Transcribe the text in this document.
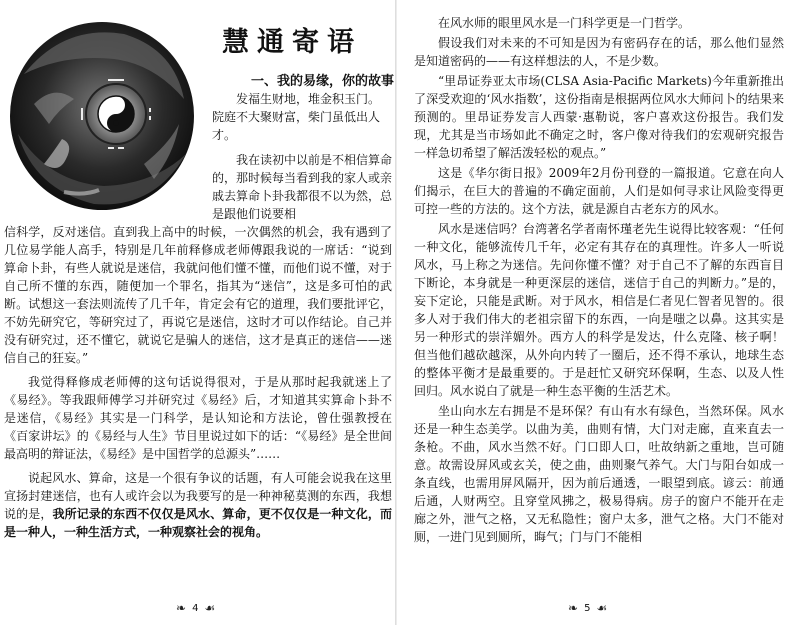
慧通寄语
一、我的易缘，你的故事
发福生财地，堆金积玉门。
院庭不大聚财富，柴门虽低出人才。
我在读初中以前是不相信算命的，那时候每当看到我的家人或亲戚去算命卜卦我都很不以为然，总是跟他们说要相

信科学，反对迷信。直到我上高中的时候，一次偶然的机会，我有遇到了几位易学能人高手，特别是几年前释修成老师傅跟我说的一席话：“说到算命卜卦，有些人就说是迷信，我就问他们懂不懂，而他们说不懂，对于自己所不懂的东西，随便加一个罪名，指其为“迷信”，这是多可怕的武断。试想这一套法则流传了几千年，肯定会有它的道理，我们要批评它，不妨先研究它，等研究过了，再说它是迷信，这时才可以作结论。自己并没有研究过，还不懂它，就说它是骗人的迷信，这才是真正的迷信——迷信自己的狂妄。”

我觉得释修成老师傅的这句话说得很对，于是从那时起我就迷上了《易经》。等我跟师傅学习并研究过《易经》后，才知道其实算命卜卦不是迷信，《易经》其实是一门科学，是认知论和方法论，曾仕强教授在《百家讲坛》的《易经与人生》节目里说过如下的话：“《易经》是全世间最高明的辩证法，《易经》是中国哲学的总源头”……

说起风水、算命，这是一个很有争议的话题，有人可能会说我在这里宣扬封建迷信，也有人或许会以为我要写的是一种神秘莫测的东西，我想说的是，我所记录的东西不仅仅是风水、算命，更不仅仅是一种文化，而是一种人，一种生活方式，一种观察社会的视角。

❧ 4 ☙

在风水师的眼里风水是一门科学更是一门哲学。

假设我们对未来的不可知是因为有密码存在的话，那么他们显然是知道密码的——有这样想法的人，不是少数。

“里昂证券亚太市场(CLSA Asia-Pacific Markets)今年重新推出了深受欢迎的‘风水指数’，这份指南是根据两位风水大师问卜的结果来预测的。里昂证券发言人西蒙·惠勒说，客户喜欢这份报告。我们发现，尤其是当市场如此不确定之时，客户像对待我们的宏观研究报告一样急切希望了解活泼轻松的观点。”

这是《华尔街日报》2009年2月份刊登的一篇报道。它意在向人们揭示，在巨大的普遍的不确定面前，人们是如何寻求让风险变得更可控一些的方法的。这个方法，就是源自古老东方的风水。

风水是迷信吗？台湾著名学者南怀瑾老先生说得比较客观：“任何一种文化，能够流传几千年，必定有其存在的真理性。许多人一听说风水，马上称之为迷信。先问你懂不懂？对于自己不了解的东西盲目下断论，本身就是一种更深层的迷信，迷信于自己的判断力。”是的，妄下定论，只能是武断。对于风水，相信是仁者见仁智者见智的。很多人对于我们伟大的老祖宗留下的东西，一向是嗤之以鼻。这其实是另一种形式的崇洋媚外。西方人的科学是发达，什么克隆、核子啊！但当他们越砍越深，从外向内转了一圈后，还不得不承认，地球生态的整体平衡才是最重要的。于是赶忙又研究环保啊，生态、以及人性回归。风水说白了就是一种生态平衡的生活艺术。

坐山向水左右拥是不是环保？有山有水有绿色，当然环保。风水还是一种生态美学。以曲为美，曲则有情，大门对走廊，直来直去一条枪。不曲，风水当然不好。门口即人口，吐故纳新之重地，岂可随意。故需设屏风或玄关，使之曲，曲则聚气养气。大门与阳台如成一条直线，也需用屏风隔开，因为前后通透，一眼望到底。谚云：前通后通，人财两空。且穿堂风拂之，极易得病。房子的窗户不能开在走廊之外，泄气之格，又无私隐性；窗户太多，泄气之格。大门不能对厕，一进门见到厕所，晦气；门与门不能相

❧ 5 ☙
